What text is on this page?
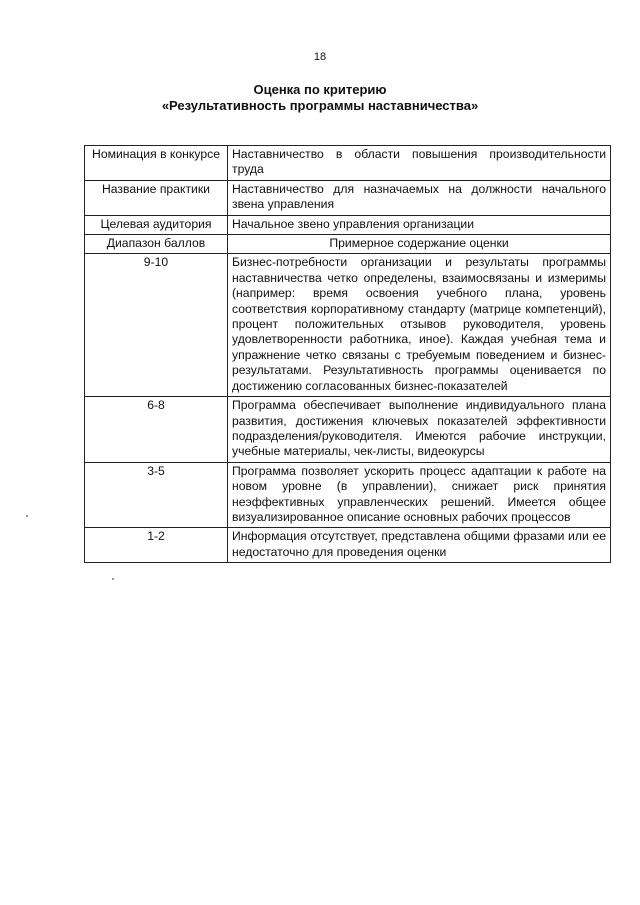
18
Оценка по критерию
«Результативность программы наставничества»
Номинация в конкурсе	Наставничество в области повышения производительности труда
Название практики	Наставничество для назначаемых на должности начального звена управления
Целевая аудитория	Начальное звено управления организации
Диапазон баллов	Примерное содержание оценки
9-10	Бизнес-потребности организации и результаты программы наставничества четко определены, взаимосвязаны и измеримы (например: время освоения учебного плана, уровень соответствия корпоративному стандарту (матрице компетенций), процент положительных отзывов руководителя, уровень удовлетворенности работника, иное). Каждая учебная тема и упражнение четко связаны с требуемым поведением и бизнес-результатами. Результативность программы оценивается по достижению согласованных бизнес-показателей
6-8	Программа обеспечивает выполнение индивидуального плана развития, достижения ключевых показателей эффективности подразделения/руководителя. Имеются рабочие инструкции, учебные материалы, чек-листы, видеокурсы
3-5	Программа позволяет ускорить процесс адаптации к работе на новом уровне (в управлении), снижает риск принятия неэффективных управленческих решений. Имеется общее визуализированное описание основных рабочих процессов
1-2	Информация отсутствует, представлена общими фразами или ее недостаточно для проведения оценки
